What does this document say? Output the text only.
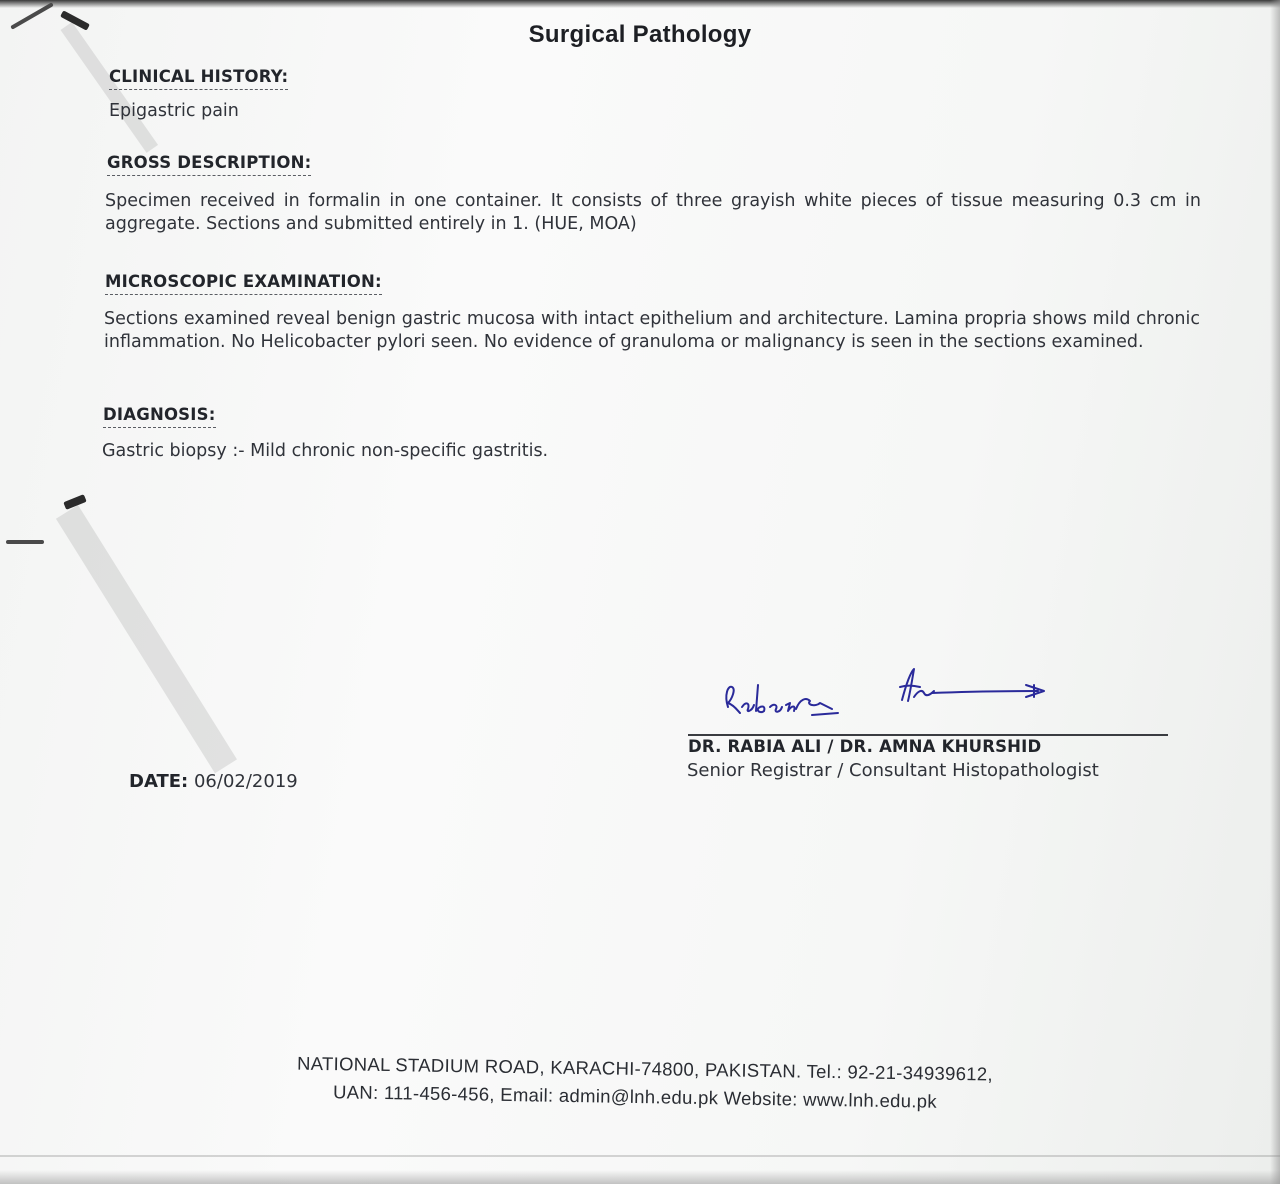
Surgical Pathology
CLINICAL HISTORY:
Epigastric pain
GROSS DESCRIPTION:
Specimen received in formalin in one container. It consists of three grayish white pieces of tissue measuring 0.3 cm in aggregate. Sections and submitted entirely in 1. (HUE, MOA)
MICROSCOPIC EXAMINATION:
Sections examined reveal benign gastric mucosa with intact epithelium and architecture. Lamina propria shows mild chronic inflammation. No Helicobacter pylori seen. No evidence of granuloma or malignancy is seen in the sections examined.
DIAGNOSIS:
Gastric biopsy :- Mild chronic non-specific gastritis.
DR. RABIA ALI / DR. AMNA KHURSHID
Senior Registrar / Consultant Histopathologist
DATE: 06/02/2019
NATIONAL STADIUM ROAD, KARACHI-74800, PAKISTAN. Tel.: 92-21-34939612,
UAN: 111-456-456, Email: admin@lnh.edu.pk Website: www.lnh.edu.pk
